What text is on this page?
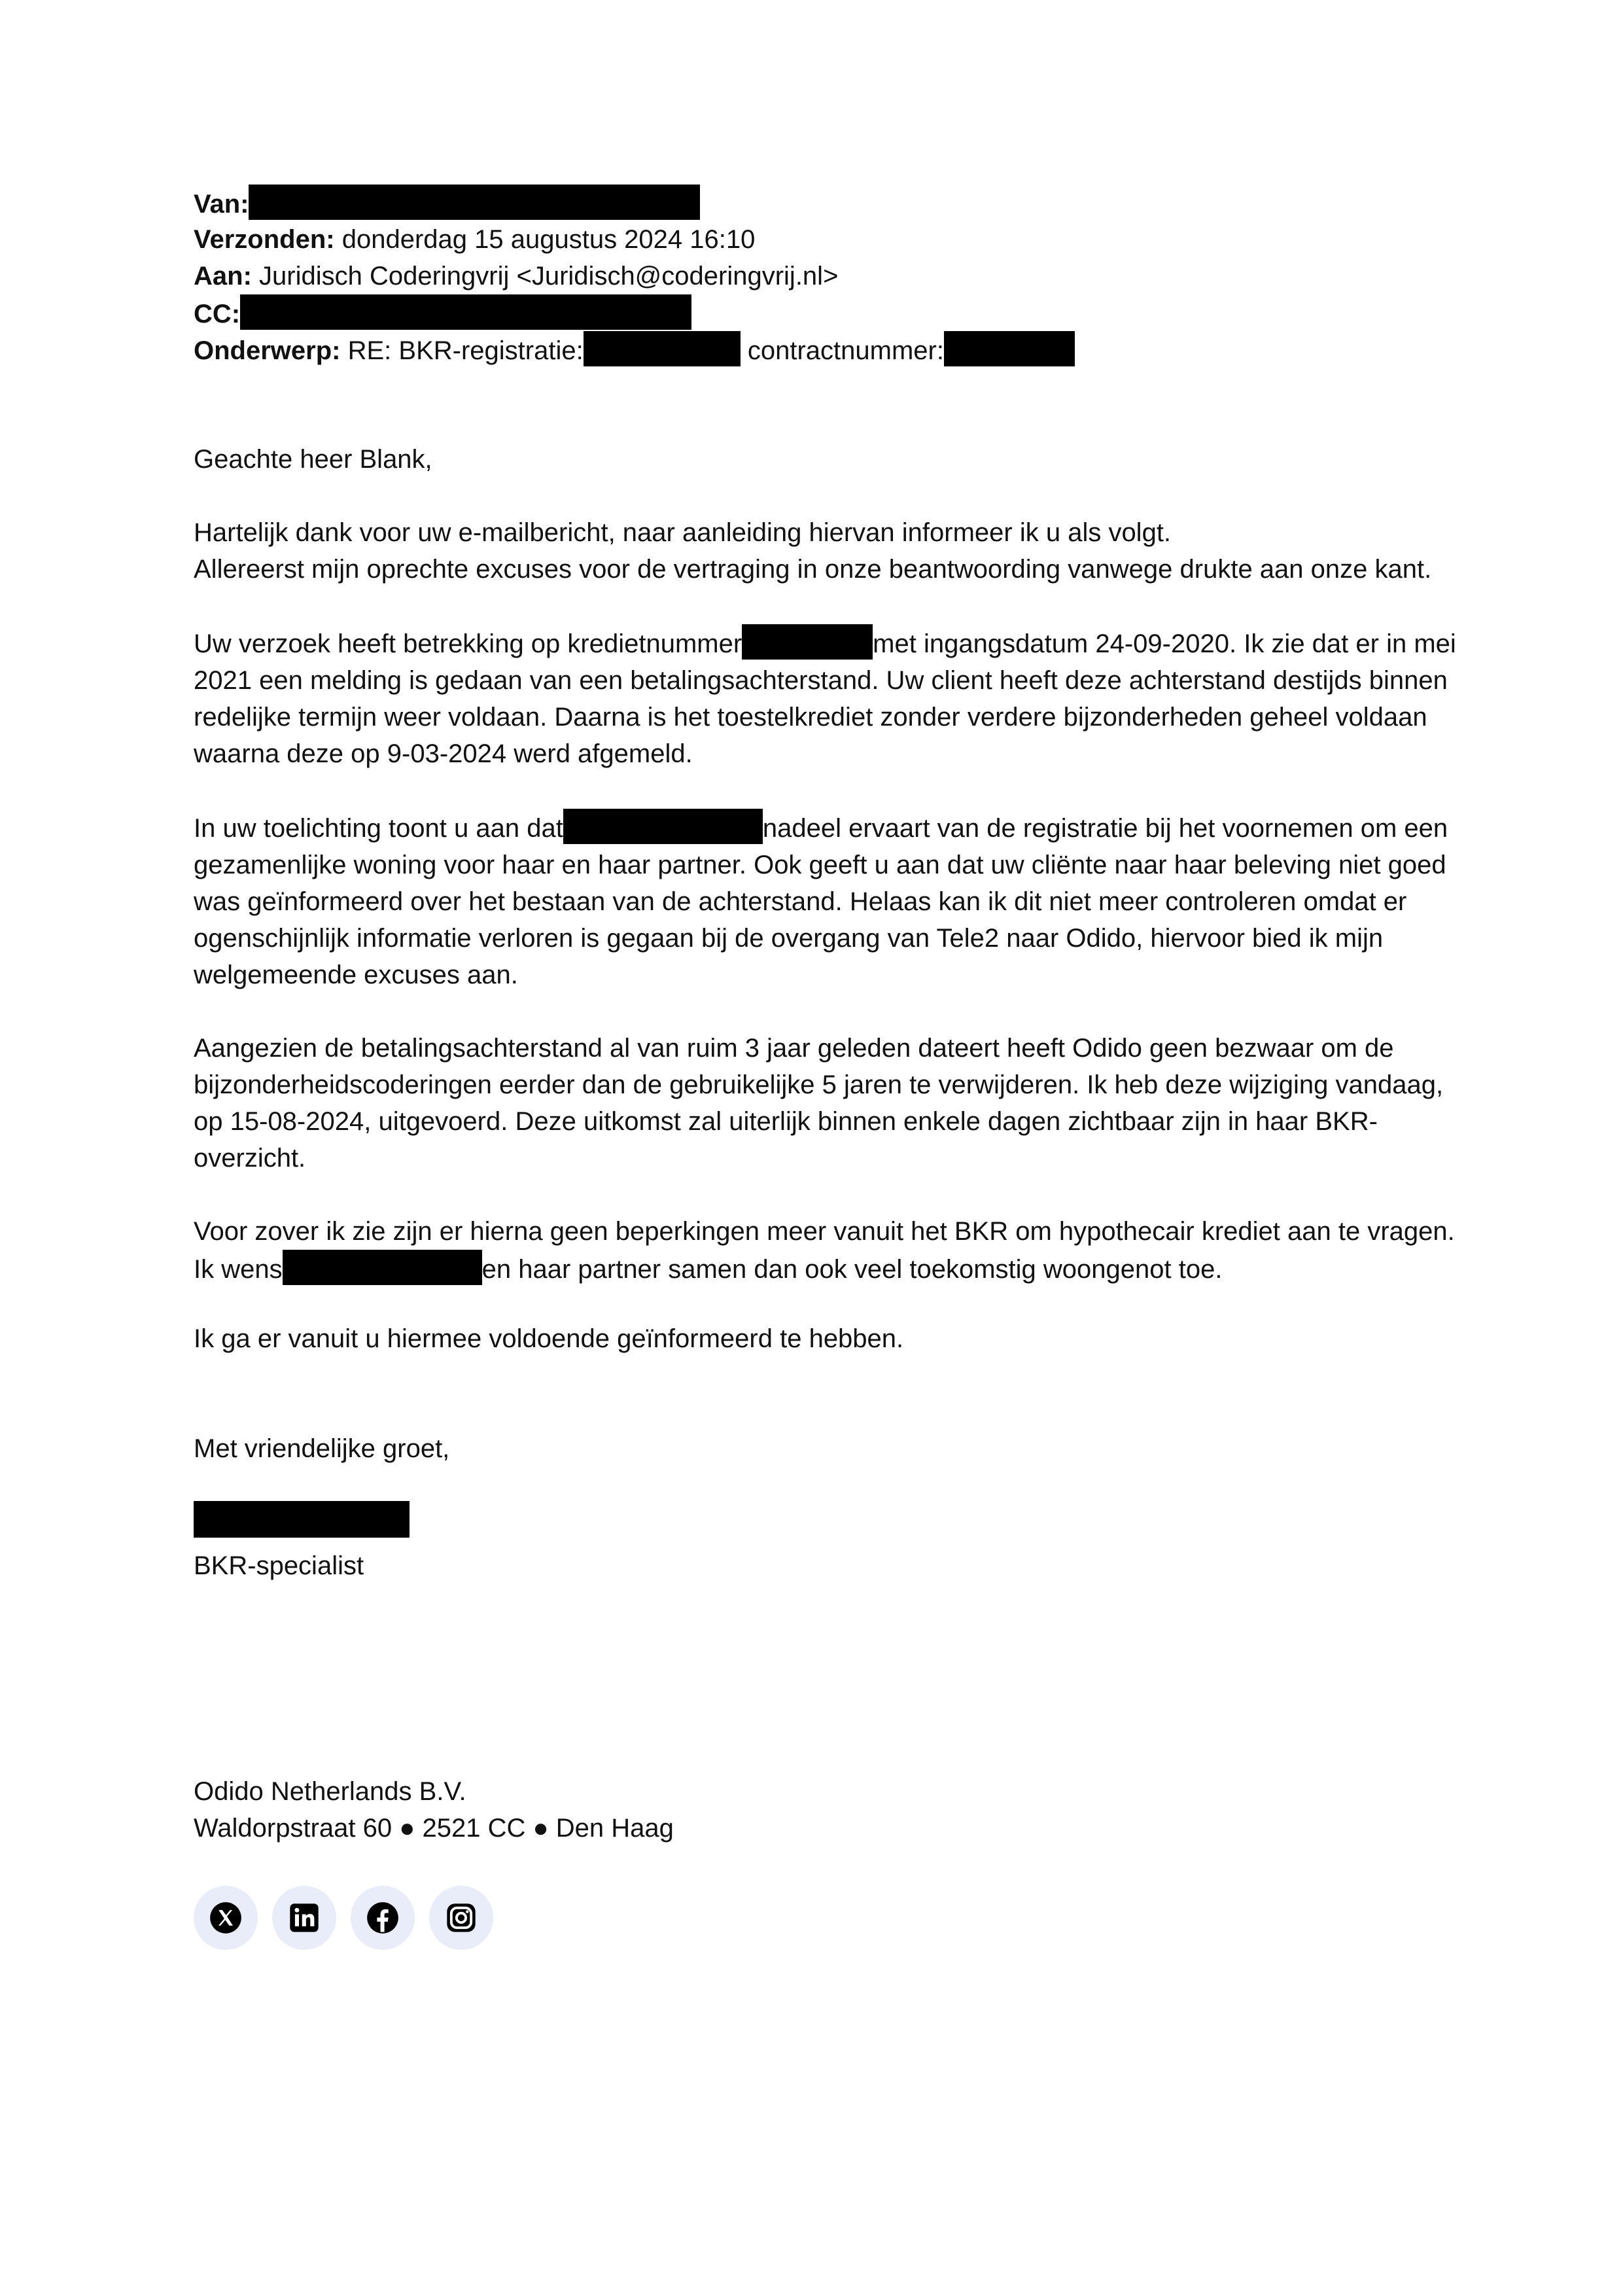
Van:
Verzonden: donderdag 15 augustus 2024 16:10
Aan: Juridisch Coderingvrij <Juridisch@coderingvrij.nl>
CC:
Onderwerp: RE: BKR-registratie:	contractnummer:

Geachte heer Blank,

Hartelijk dank voor uw e-mailbericht, naar aanleiding hiervan informeer ik u als volgt.
Allereerst mijn oprechte excuses voor de vertraging in onze beantwoording vanwege drukte aan onze kant.

Uw verzoek heeft betrekking op kredietnummer	met ingangsdatum 24-09-2020. Ik zie dat er in mei 2021 een melding is gedaan van een betalingsachterstand. Uw client heeft deze achterstand destijds binnen redelijke termijn weer voldaan. Daarna is het toestelkrediet zonder verdere bijzonderheden geheel voldaan waarna deze op 9-03-2024 werd afgemeld.

In uw toelichting toont u aan dat	nadeel ervaart van de registratie bij het voornemen om een gezamenlijke woning voor haar en haar partner. Ook geeft u aan dat uw cliënte naar haar beleving niet goed was geïnformeerd over het bestaan van de achterstand. Helaas kan ik dit niet meer controleren omdat er ogenschijnlijk informatie verloren is gegaan bij de overgang van Tele2 naar Odido, hiervoor bied ik mijn welgemeende excuses aan.

Aangezien de betalingsachterstand al van ruim 3 jaar geleden dateert heeft Odido geen bezwaar om de bijzonderheidscoderingen eerder dan de gebruikelijke 5 jaren te verwijderen. Ik heb deze wijziging vandaag, op 15-08-2024, uitgevoerd. Deze uitkomst zal uiterlijk binnen enkele dagen zichtbaar zijn in haar BKR-overzicht.

Voor zover ik zie zijn er hierna geen beperkingen meer vanuit het BKR om hypothecair krediet aan te vragen. Ik wens	en haar partner samen dan ook veel toekomstig woongenot toe.

Ik ga er vanuit u hiermee voldoende geïnformeerd te hebben.

Met vriendelijke groet,

BKR-specialist
Odido Netherlands B.V.
Waldorpstraat 60 ● 2521 CC ● Den Haag
